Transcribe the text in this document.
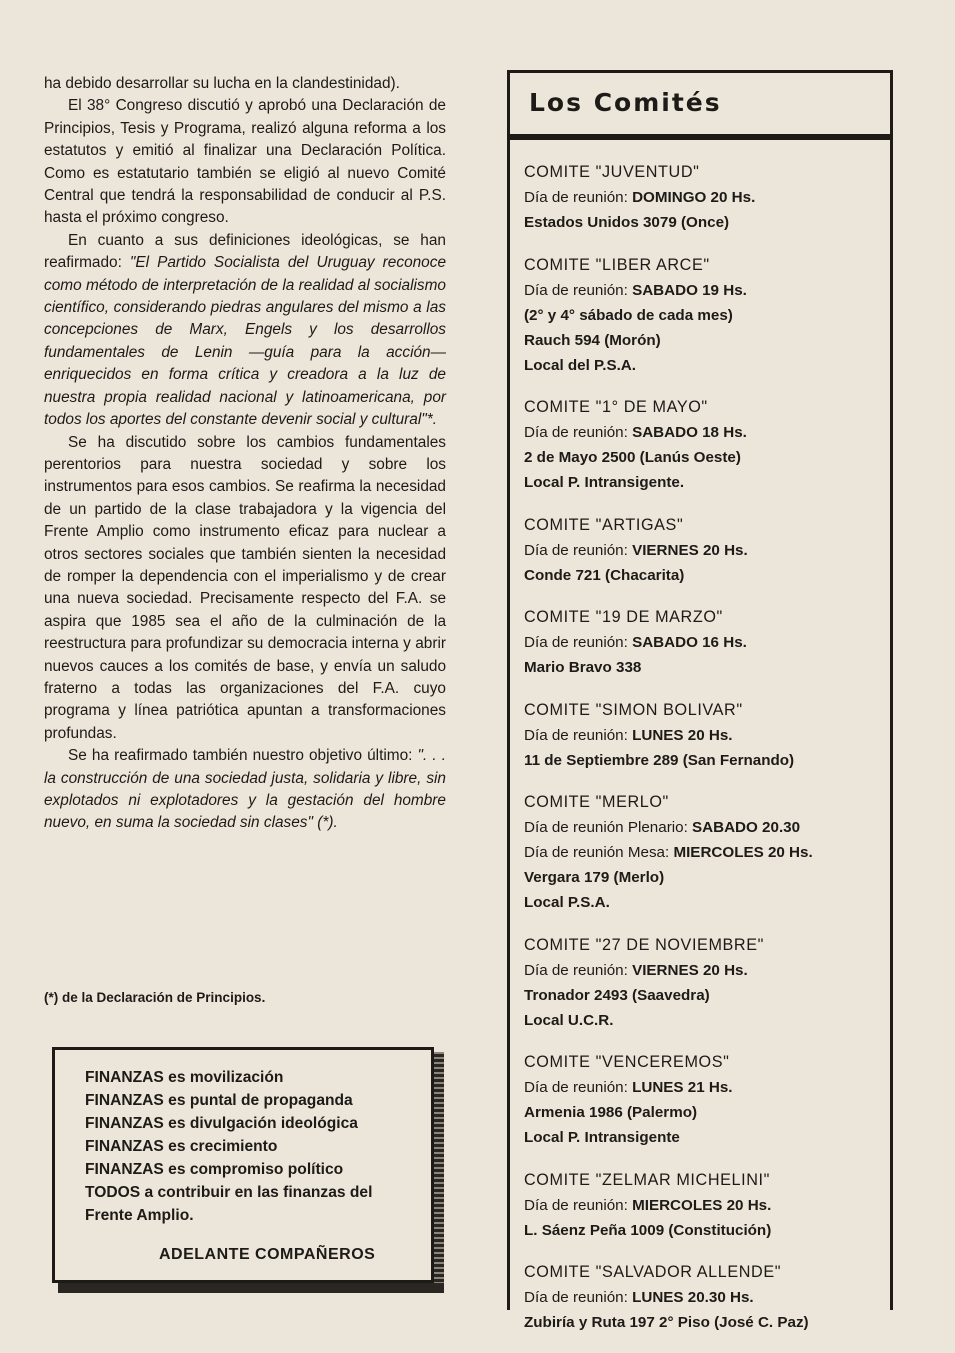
ha debido desarrollar su lucha en la clandestinidad).

El 38° Congreso discutió y aprobó una Declaración de Principios, Tesis y Programa, realizó alguna reforma a los estatutos y emitió al finalizar una Declaración Política. Como es estatutario también se eligió al nuevo Comité Central que tendrá la responsabilidad de conducir al P.S. hasta el próximo congreso.

En cuanto a sus definiciones ideológicas, se han reafirmado: "El Partido Socialista del Uruguay reconoce como método de interpretación de la realidad al socialismo científico, considerando piedras angulares del mismo a las concepciones de Marx, Engels y los desarrollos fundamentales de Lenin —guía para la acción— enriquecidos en forma crítica y creadora a la luz de nuestra propia realidad nacional y latinoamericana, por todos los aportes del constante devenir social y cultural"*.

Se ha discutido sobre los cambios fundamentales perentorios para nuestra sociedad y sobre los instrumentos para esos cambios. Se reafirma la necesidad de un partido de la clase trabajadora y la vigencia del Frente Amplio como instrumento eficaz para nuclear a otros sectores sociales que también sienten la necesidad de romper la dependencia con el imperialismo y de crear una nueva sociedad. Precisamente respecto del F.A. se aspira que 1985 sea el año de la culminación de la reestructura para profundizar su democracia interna y abrir nuevos cauces a los comités de base, y envía un saludo fraterno a todas las organizaciones del F.A. cuyo programa y línea patriótica apuntan a transformaciones profundas.

Se ha reafirmado también nuestro objetivo último: ". . . la construcción de una sociedad justa, solidaria y libre, sin explotados ni explotadores y la gestación del hombre nuevo, en suma la sociedad sin clases" (*).

(*) de la Declaración de Principios.
FINANZAS es movilización
FINANZAS es puntal de propaganda
FINANZAS es divulgación ideológica
FINANZAS es crecimiento
FINANZAS es compromiso político
TODOS a contribuir en las finanzas del
Frente Amplio.
ADELANTE COMPAÑEROS
Los Comités
COMITE "JUVENTUD"
Día de reunión: DOMINGO 20 Hs.
Estados Unidos 3079 (Once)
COMITE "LIBER ARCE"
Día de reunión: SABADO 19 Hs.
(2° y 4° sábado de cada mes)
Rauch 594 (Morón)
Local del P.S.A.
COMITE "1° DE MAYO"
Día de reunión: SABADO 18 Hs.
2 de Mayo 2500 (Lanús Oeste)
Local P. Intransigente.
COMITE "ARTIGAS"
Día de reunión: VIERNES 20 Hs.
Conde 721 (Chacarita)
COMITE "19 DE MARZO"
Día de reunión: SABADO 16 Hs.
Mario Bravo 338
COMITE "SIMON BOLIVAR"
Día de reunión: LUNES 20 Hs.
11 de Septiembre 289 (San Fernando)
COMITE "MERLO"
Día de reunión Plenario: SABADO 20.30
Día de reunión Mesa: MIERCOLES 20 Hs.
Vergara 179 (Merlo)
Local P.S.A.
COMITE "27 DE NOVIEMBRE"
Día de reunión: VIERNES 20 Hs.
Tronador 2493 (Saavedra)
Local U.C.R.
COMITE "VENCEREMOS"
Día de reunión: LUNES 21 Hs.
Armenia 1986 (Palermo)
Local P. Intransigente
COMITE "ZELMAR MICHELINI"
Día de reunión: MIERCOLES 20 Hs.
L. Sáenz Peña 1009 (Constitución)
COMITE "SALVADOR ALLENDE"
Día de reunión: LUNES 20.30 Hs.
Zubiría y Ruta 197 2° Piso (José C. Paz)
